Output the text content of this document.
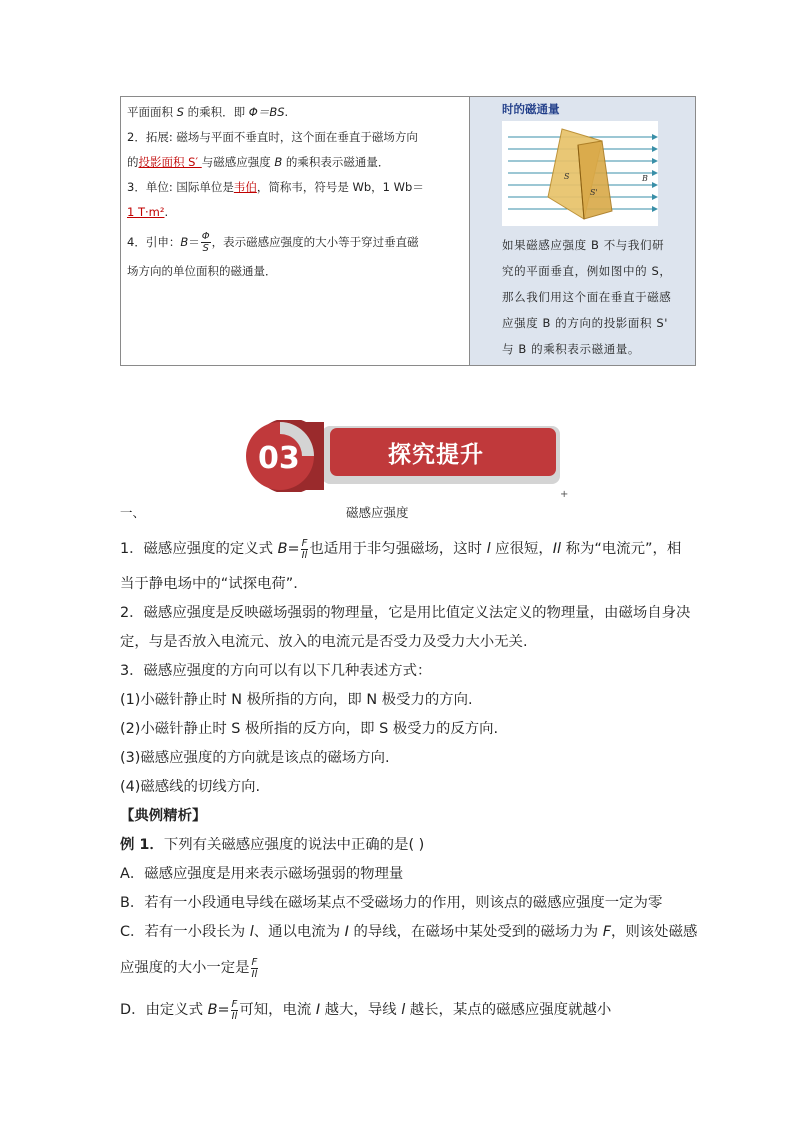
平面面积 S 的乘积．即 Φ＝BS.
2．拓展: 磁场与平面不垂直时，这个面在垂直于磁场方向
的投影面积 S′ 与磁感应强度 B 的乘积表示磁通量．
3．单位: 国际单位是韦伯，简称韦，符号是 Wb，1 Wb＝
1 T·m².
4．引申：$B= \frac{\Phi}{S}$ ，表示磁感应强度的大小等于穿过垂直磁
场方向的单位面积的磁通量．
时的磁通量
S
S'
B
如果磁感应强度 B 不与我们研
究的平面垂直，例如图中的 S，
那么我们用这个面在垂直于磁感
应强度 B 的方向的投影面积 S'
与 B 的乘积表示磁通量。
03	探究提升
+
一、	磁感应强度

1．磁感应强度的定义式 $B= \frac{F}{Il}$ 也适用于非匀强磁场，这时 l 应很短，Il 称为“电流元”，相

当于静电场中的“试探电荷”.

2．磁感应强度是反映磁场强弱的物理量，它是用比值定义法定义的物理量，由磁场自身决

定，与是否放入电流元、放入的电流元是否受力及受力大小无关.

3．磁感应强度的方向可以有以下几种表述方式：

(1)小磁针静止时 N 极所指的方向，即 N 极受力的方向.

(2)小磁针静止时 S 极所指的反方向，即 S 极受力的反方向.

(3)磁感应强度的方向就是该点的磁场方向.

(4)磁感线的切线方向.

【典例精析】

例 1．下列有关磁感应强度的说法中正确的是( )

A．磁感应强度是用来表示磁场强弱的物理量

B．若有一小段通电导线在磁场某点不受磁场力的作用，则该点的磁感应强度一定为零

C．若有一小段长为 l、通以电流为 I 的导线，在磁场中某处受到的磁场力为 F，则该处磁感

应强度的大小一定是 $\frac{F}{Il}$

D．由定义式 $B= \frac{F}{Il}$ 可知，电流 I 越大，导线 l 越长，某点的磁感应强度就越小
